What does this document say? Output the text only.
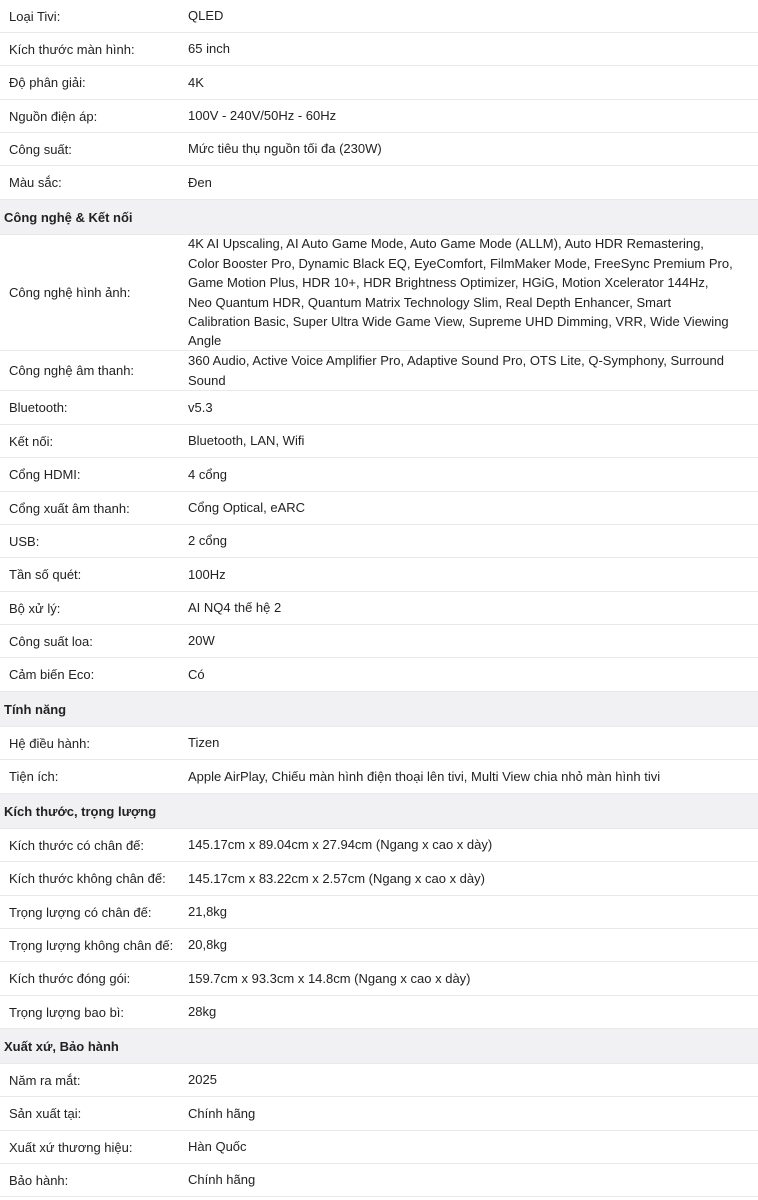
Loại Tivi:	QLED
Kích thước màn hình:	65 inch
Độ phân giải:	4K
Nguồn điện áp:	100V - 240V/50Hz - 60Hz
Công suất:	Mức tiêu thụ nguồn tối đa (230W)
Màu sắc:	Đen
Công nghệ & Kết nối
Công nghệ hình ảnh:
4K AI Upscaling, AI Auto Game Mode, Auto Game Mode (ALLM), Auto HDR Remastering, Color Booster Pro, Dynamic Black EQ, EyeComfort, FilmMaker Mode, FreeSync Premium Pro, Game Motion Plus, HDR 10+, HDR Brightness Optimizer, HGiG, Motion Xcelerator 144Hz, Neo Quantum HDR, Quantum Matrix Technology Slim, Real Depth Enhancer, Smart Calibration Basic, Super Ultra Wide Game View, Supreme UHD Dimming, VRR, Wide Viewing Angle
Công nghệ âm thanh:
360 Audio, Active Voice Amplifier Pro, Adaptive Sound Pro, OTS Lite, Q-Symphony, Surround Sound
Bluetooth:	v5.3
Kết nối:	Bluetooth, LAN, Wifi
Cổng HDMI:	4 cổng
Cổng xuất âm thanh:	Cổng Optical, eARC
USB:	2 cổng
Tần số quét:	100Hz
Bộ xử lý:	AI NQ4 thế hệ 2
Công suất loa:	20W
Cảm biến Eco:	Có
Tính năng
Hệ điều hành:	Tizen
Tiện ích:	Apple AirPlay, Chiếu màn hình điện thoại lên tivi, Multi View chia nhỏ màn hình tivi
Kích thước, trọng lượng
Kích thước có chân đế:	145.17cm x 89.04cm x 27.94cm (Ngang x cao x dày)
Kích thước không chân đế:	145.17cm x 83.22cm x 2.57cm (Ngang x cao x dày)
Trọng lượng có chân đế:	21,8kg
Trọng lượng không chân đế:	20,8kg
Kích thước đóng gói:	159.7cm x 93.3cm x 14.8cm (Ngang x cao x dày)
Trọng lượng bao bì:	28kg
Xuất xứ, Bảo hành
Năm ra mắt:	2025
Sản xuất tại:	Chính hãng
Xuất xứ thương hiệu:	Hàn Quốc
Bảo hành:	Chính hãng
